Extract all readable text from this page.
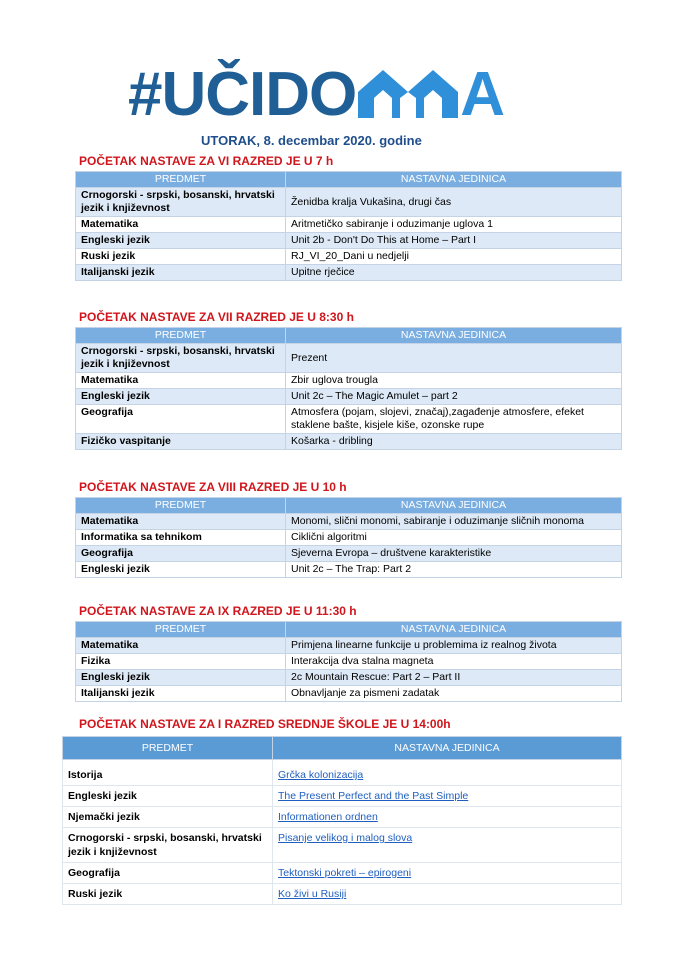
#UČI DO A
UTORAK, 8. decembar 2020. godine
POČETAK NASTAVE ZA VI RAZRED JE U 7 h
PREDMET	NASTAVNA JEDINICA
Crnogorski - srpski, bosanski, hrvatski jezik i književnost	Ženidba kralja Vukašina, drugi čas
Matematika	Aritmetičko sabiranje i oduzimanje uglova 1
Engleski jezik	Unit 2b - Don't Do This at Home – Part I
Ruski jezik	RJ_VI_20_Dani u nedjelji
Italijanski jezik	Upitne rječice
POČETAK NASTAVE ZA VII RAZRED JE U 8:30 h
PREDMET	NASTAVNA JEDINICA
Crnogorski - srpski, bosanski, hrvatski jezik i književnost	Prezent
Matematika	Zbir uglova trougla
Engleski jezik	Unit 2c – The Magic Amulet – part 2
Geografija	Atmosfera (pojam, slojevi, značaj),zagađenje atmosfere, efeket staklene bašte, kisjele kiše, ozonske rupe
Fizičko vaspitanje	Košarka - dribling
POČETAK NASTAVE ZA VIII RAZRED JE U 10 h
PREDMET	NASTAVNA JEDINICA
Matematika	Monomi, slični monomi, sabiranje i oduzimanje sličnih monoma
Informatika sa tehnikom	Ciklični algoritmi
Geografija	Sjeverna Evropa – društvene karakteristike
Engleski jezik	Unit 2c – The Trap: Part 2
POČETAK NASTAVE ZA IX RAZRED JE U 11:30 h
PREDMET	NASTAVNA JEDINICA
Matematika	Primjena linearne funkcije u problemima iz realnog života
Fizika	Interakcija dva stalna magneta
Engleski jezik	2c Mountain Rescue: Part 2 – Part II
Italijanski jezik	Obnavljanje za pismeni zadatak
POČETAK NASTAVE ZA I RAZRED SREDNJE ŠKOLE JE U 14:00h
PREDMET	NASTAVNA JEDINICA
Istorija	Grčka kolonizacija
Engleski jezik	The Present Perfect and the Past Simple
Njemački jezik	Informationen ordnen
Crnogorski - srpski, bosanski, hrvatski jezik i književnost	Pisanje velikog i malog slova
Geografija	Tektonski pokreti – epirogeni
Ruski jezik	Ko živi u Rusiji
